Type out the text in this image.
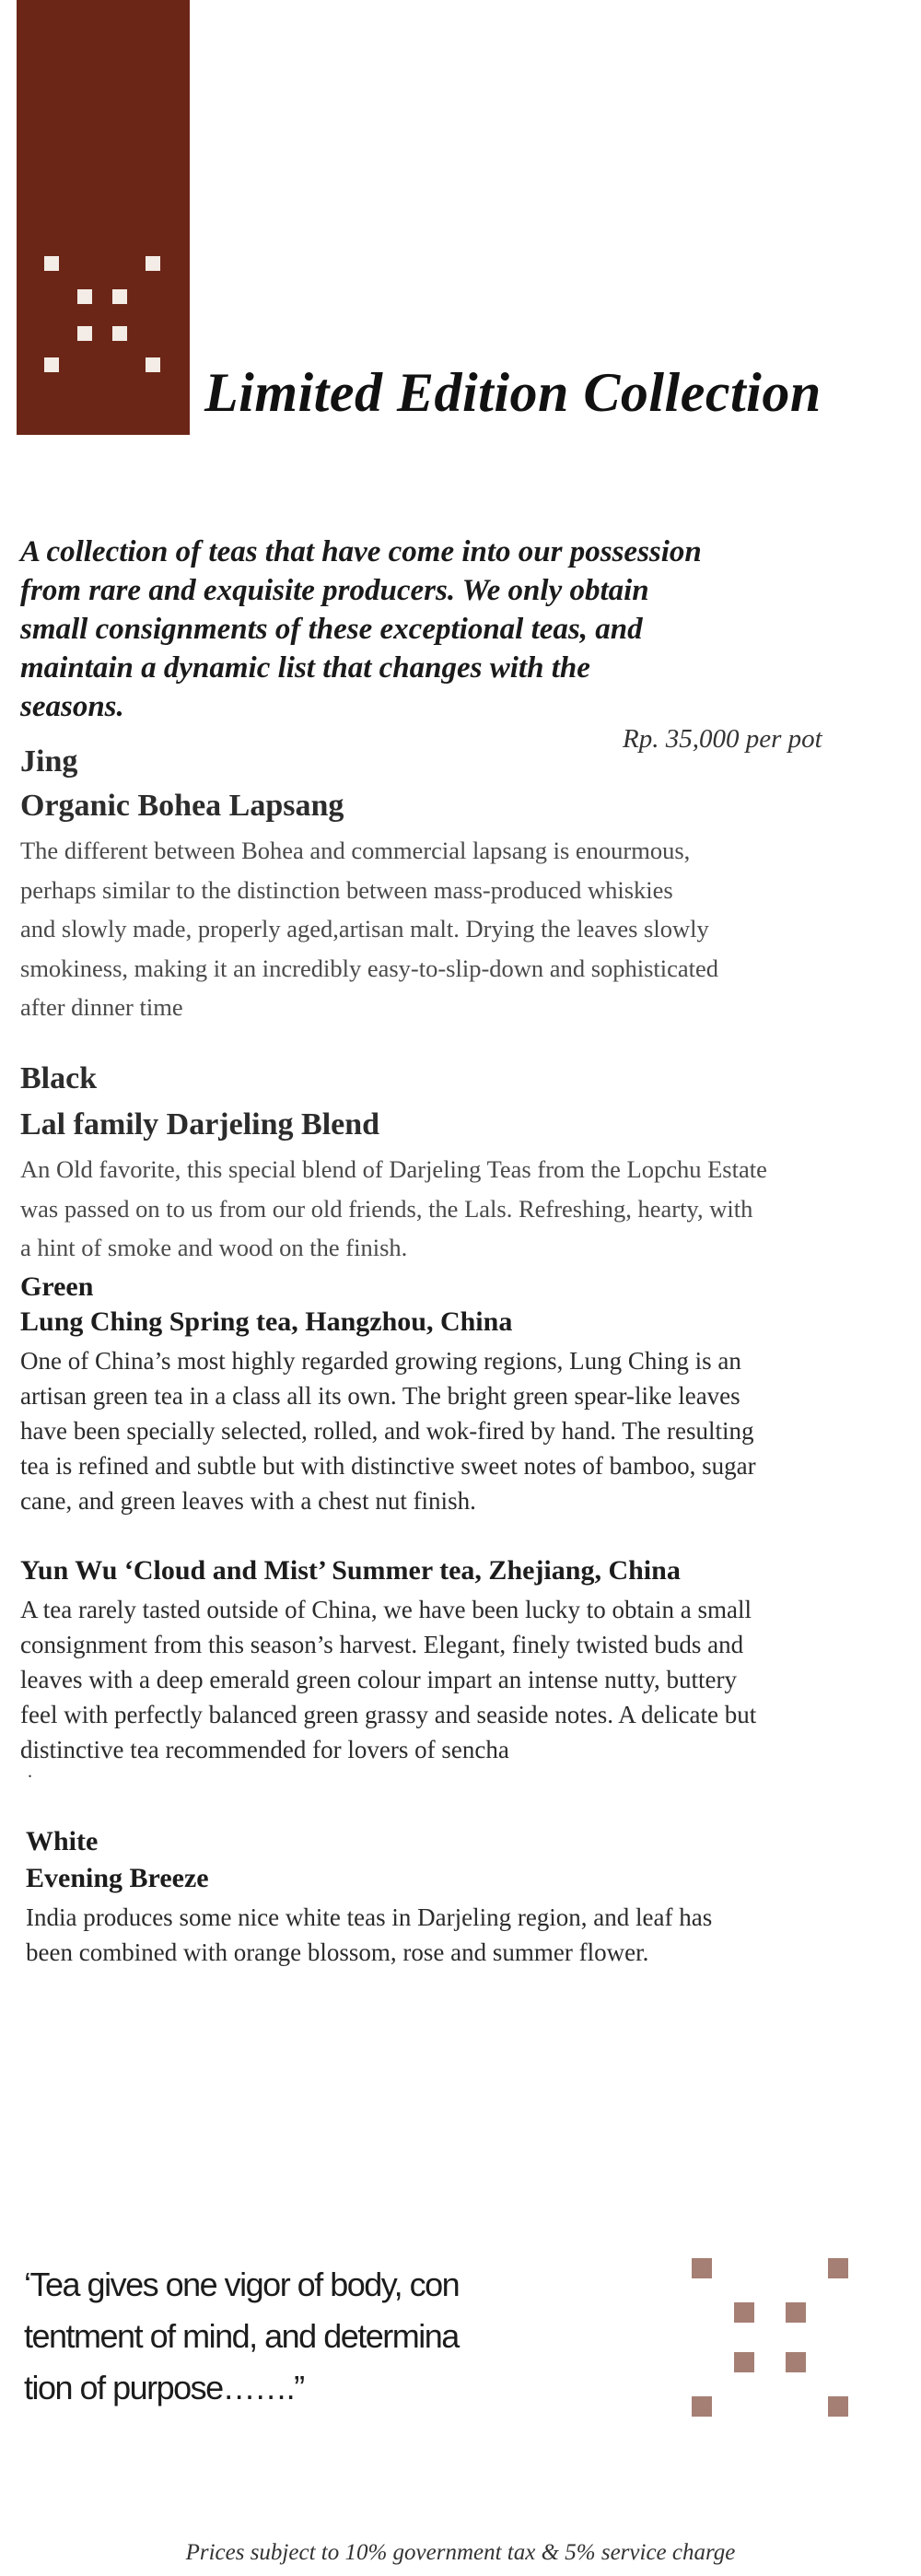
Limited Edition Collection
A collection of teas that have come into our possession
from rare and exquisite producers. We only obtain
small consignments of these exceptional teas, and
maintain a dynamic list that changes with the
seasons.
Rp. 35,000 per pot
Jing
Organic Bohea Lapsang
The different between Bohea and commercial lapsang is enourmous,
perhaps similar to the distinction between mass-produced whiskies
and slowly made, properly aged,artisan malt. Drying the leaves slowly
smokiness, making it an incredibly easy-to-slip-down and sophisticated
after dinner time
Black
Lal family Darjeling Blend
An Old favorite, this special blend of Darjeling Teas from the Lopchu Estate
was passed on to us from our old friends, the Lals. Refreshing, hearty, with
a hint of smoke and wood on the finish.
Green
Lung Ching Spring tea, Hangzhou, China
One of China’s most highly regarded growing regions, Lung Ching is an
artisan green tea in a class all its own. The bright green spear-like leaves
have been specially selected, rolled, and wok-fired by hand. The resulting
tea is refined and subtle but with distinctive sweet notes of bamboo, sugar
cane, and green leaves with a chest nut finish.
Yun Wu ‘Cloud and Mist’ Summer tea, Zhejiang, China
A tea rarely tasted outside of China, we have been lucky to obtain a small
consignment from this season’s harvest. Elegant, finely twisted buds and
leaves with a deep emerald green colour impart an intense nutty, buttery
feel with perfectly balanced green grassy and seaside notes. A delicate but
distinctive tea recommended for lovers of sencha
.
White
Evening Breeze
India produces some nice white teas in Darjeling region, and leaf has
been combined with orange blossom, rose and summer flower.
‘Tea gives one vigor of body, con
tentment of mind, and determina
tion of purpose…….”
Prices subject to 10% government tax & 5% service charge
